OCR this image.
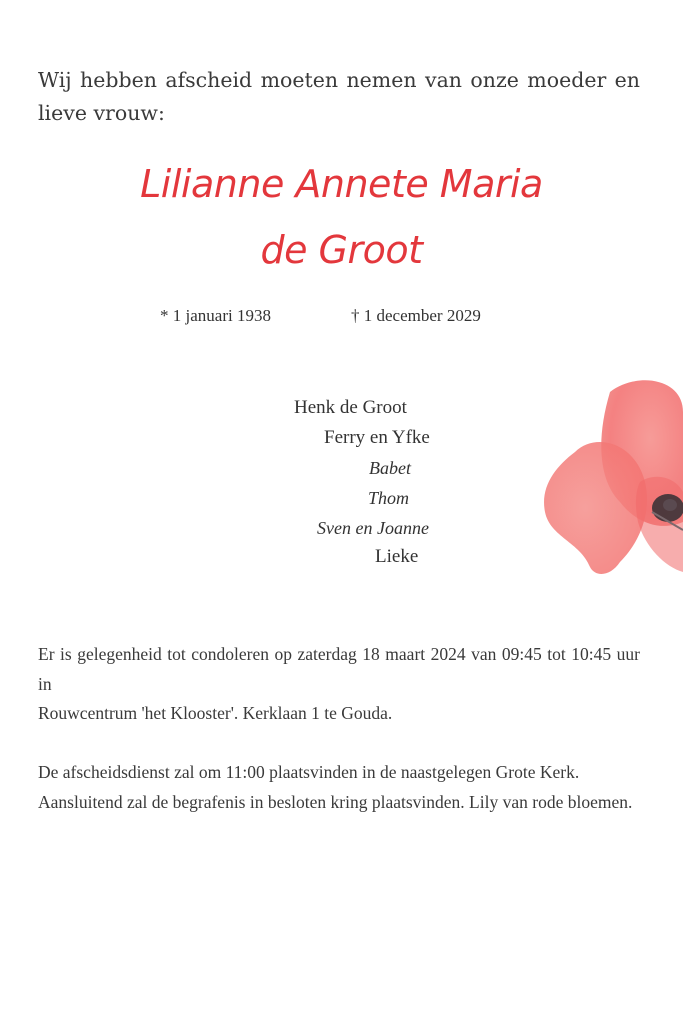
Wij hebben afscheid moeten nemen van onze moeder en lieve vrouw:
Lilianne Annete Maria
de Groot
* 1 januari 1938	† 1 december 2029
Henk de Groot
Ferry en Yfke
Babet
Thom
Sven en Joanne
Lieke
Er is gelegenheid tot condoleren op zaterdag 18 maart 2024 van 09:45 tot 10:45 uur in
Rouwcentrum 'het Klooster'. Kerklaan 1 te Gouda.
De afscheidsdienst zal om 11:00 plaatsvinden in de naastgelegen Grote Kerk.
Aansluitend zal de begrafenis in besloten kring plaatsvinden. Lily van rode bloemen.
